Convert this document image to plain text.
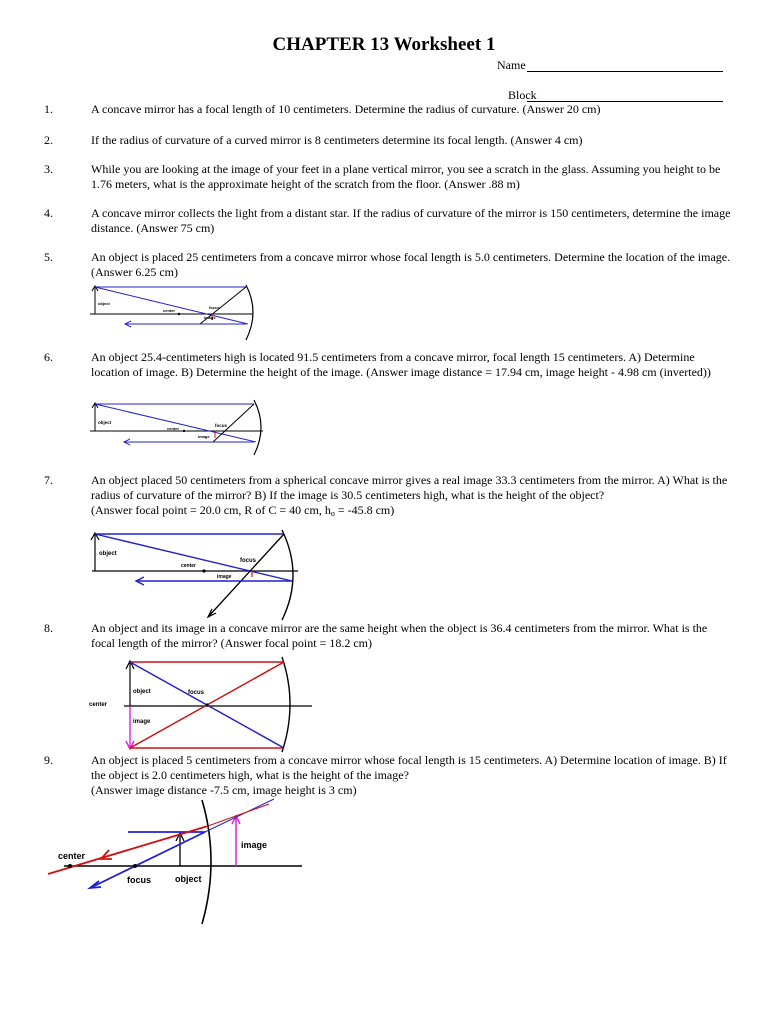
CHAPTER 13 Worksheet 1
Name
Block
1.	A concave mirror has a focal length of 10 centimeters. Determine the radius of curvature. (Answer 20 cm)
2.	If the radius of curvature of a curved mirror is 8 centimeters determine its focal length. (Answer 4 cm)
3.	While you are looking at the image of your feet in a plane vertical mirror, you see a scratch in the glass. Assuming you height to be 1.76 meters, what is the approximate height of the scratch from the floor. (Answer .88 m)
4.	A concave mirror collects the light from a distant star. If the radius of curvature of the mirror is 150 centimeters, determine the image distance. (Answer 75 cm)
5.	An object is placed 25 centimeters from a concave mirror whose focal length is 5.0 centimeters. Determine the location of the image. (Answer 6.25 cm)
object
center
focus
image
6.	An object 25.4-centimeters high is located 91.5 centimeters from a concave mirror, focal length 15 centimeters. A) Determine location of image. B) Determine the height of the image. (Answer image distance = 17.94 cm, image height - 4.98 cm (inverted))
object
center
focus
image
7.	An object placed 50 centimeters from a spherical concave mirror gives a real image 33.3 centimeters from the mirror. A) What is the radius of curvature of the mirror? B) If the image is 30.5 centimeters high, what is the height of the object?
(Answer focal point = 20.0 cm, R of C = 40 cm, $h_o = -45.8$ cm)
object
center
focus
image
8.	An object and its image in a concave mirror are the same height when the object is 36.4 centimeters from the mirror. What is the focal length of the mirror? (Answer focal point = 18.2 cm)
object
center
focus
image
9.	An object is placed 5 centimeters from a concave mirror whose focal length is 15 centimeters. A) Determine location of image. B) If the object is 2.0 centimeters high, what is the height of the image?
(Answer image distance -7.5 cm, image height is 3 cm)
center
focus	object
image
